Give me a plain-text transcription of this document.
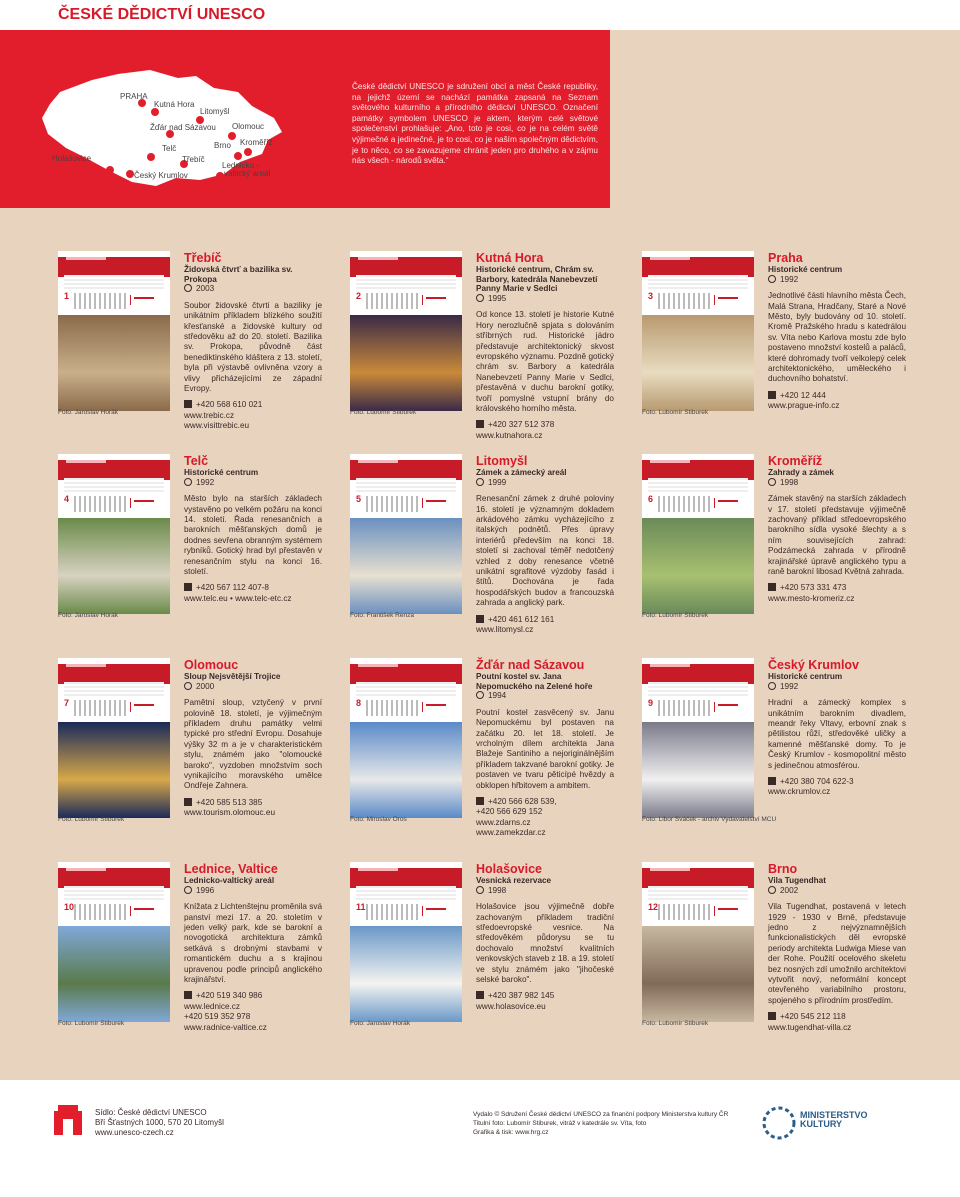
ČESKÉ DĚDICTVÍ UNESCO
PRAHA
Kutná Hora
Litomyšl
Žďár nad Sázavou Olomouc
Telč	Brno Kroměříž
Holašovice	Třebíč
Lednicko -
valtický areál
Český Krumlov
České dědictví UNESCO je sdružení obcí a měst České republiky, na jejichž území se nachází památka zapsaná na Seznam světového kulturního a přírodního dědictví UNESCO. Označení památky symbolem UNESCO je aktem, kterým celé světové společenství prohlašuje: „Ano, toto je cosi, co je na celém světě výjimečné a jedinečné, je to cosi, co je naším společným dědictvím, je to něco, co se zavazujeme chránit jeden pro druhého a v zájmu nás všech - národů světa.“
1
Foto: Jaroslav Horák
Třebíč
Židovská čtvrť a bazilika sv. Prokopa
2003
Soubor židovské čtvrti a baziliky je unikátním příkladem blízkého soužití křesťanské a židovské kultury od středověku až do 20. století. Bazilika sv. Prokopa, původně část benediktinského kláštera z 13. století, byla při výstavbě ovlivněna vzory a vlivy přicházejícími ze západní Evropy.
+420 568 610 021
www.trebic.cz
www.visittrebic.eu
2
Foto: Lubomír Stiburek
Kutná Hora
Historické centrum, Chrám sv. Barbory, katedrála Nanebevzetí Panny Marie v Sedlci
1995
Od konce 13. století je historie Kutné Hory nerozlučně spjata s dolováním stříbrných rud. Historické jádro představuje architektonický skvost evropského významu. Pozdně gotický chrám sv. Barbory a katedrála Nanebevzetí Panny Marie v Sedlci, přestavěná v duchu barokní gotiky, tvoří pomyslné vstupní brány do královského horního města.
+420 327 512 378
www.kutnahora.cz
3
Foto: Lubomír Stiburek
Praha
Historické centrum
1992
Jednotlivé části hlavního města Čech, Malá Strana, Hradčany, Staré a Nové Město, byly budovány od 10. století. Kromě Pražského hradu s katedrálou sv. Víta nebo Karlova mostu zde bylo postaveno množství kostelů a paláců, které dohromady tvoří velkolepý celek architektonického, uměleckého i duchovního bohatství.
+420 12 444
www.prague-info.cz
4
Foto: Jaroslav Horák
Telč
Historické centrum
1992
Město bylo na starších základech vystavěno po velkém požáru na konci 14. století. Řada renesančních a barokních měšťanských domů je dodnes sevřena obranným systémem rybníků. Gotický hrad byl přestavěn v renesančním stylu na konci 16. století.
+420 567 112 407-8
www.telc.eu • www.telc-etc.cz
5
Foto: František Renza
Litomyšl
Zámek a zámecký areál
1999
Renesanční zámek z druhé poloviny 16. století je významným dokladem arkádového zámku vycházejícího z italských podnětů. Přes úpravy interiérů především na konci 18. století si zachoval téměř nedotčený vzhled z doby renesance včetně unikátní sgrafitové výzdoby fasád i štítů. Dochována je řada hospodářských budov a francouzská zahrada a anglický park.
+420 461 612 161
www.litomysl.cz
6
Foto: Lubomír Stiburek
Kroměříž
Zahrady a zámek
1998
Zámek stavěný na starších základech v 17. století představuje výjimečně zachovaný příklad středoevropského barokního sídla vysoké šlechty a s ním souvisejících zahrad: Podzámecká zahrada v přírodně krajinářské úpravě anglického typu a raně barokní libosad Květná zahrada.
+420 573 331 473
www.mesto-kromeriz.cz
7
Foto: Lubomír Stiburek
Olomouc
Sloup Nejsvětější Trojice
2000
Pamětní sloup, vztyčený v první polovině 18. století, je výjimečným příkladem druhu památky velmi typické pro střední Evropu. Dosahuje výšky 32 m a je v charakteristickém stylu, známém jako "olomoucké baroko", vyzdoben množstvím soch vynikajícího moravského umělce Ondřeje Zahnera.
+420 585 513 385
www.tourism.olomouc.eu
8
Foto: Miroslav Oros
Žďár nad Sázavou
Poutní kostel sv. Jana Nepomuckého na Zelené hoře
1994
Poutní kostel zasvěcený sv. Janu Nepomuckému byl postaven na začátku 20. let 18. století. Je vrcholným dílem architekta Jana Blažeje Santiniho a nejoriginálnějším příkladem takzvané barokní gotiky. Je postaven ve tvaru pěticípé hvězdy a obklopen hřbitovem a ambitem.
+420 566 628 539,
+420 566 629 152
www.zdarns.cz
www.zamekzdar.cz
9
Foto: Libor Sváček - archiv Vydavatelství MCU
Český Krumlov
Historické centrum
1992
Hradní a zámecký komplex s unikátním barokním divadlem, meandr řeky Vltavy, erbovní znak s pětilistou růží, středověké uličky a kamenné měšťanské domy. To je Český Krumlov - kosmopolitní město s jedinečnou atmosférou.
+420 380 704 622-3
www.ckrumlov.cz
10
Foto: Lubomír Stiburek
Lednice, Valtice
Lednicko-valtický areál
1996
Knížata z Lichtenštejnu proměnila svá panství mezi 17. a 20. stoletím v jeden velký park, kde se barokní a novogotická architektura zámků setkává s drobnými stavbami v romantickém duchu a s krajinou upravenou podle principů anglického krajinářství.
+420 519 340 986
www.lednice.cz
+420 519 352 978
www.radnice-valtice.cz
11
Foto: Jaroslav Horák
Holašovice
Vesnická rezervace
1998
Holašovice jsou výjimečně dobře zachovaným příkladem tradiční středoevropské vesnice. Na středověkém půdorysu se tu dochovalo množství kvalitních venkovských staveb z 18. a 19. století ve stylu známém jako "jihočeské selské baroko".
+420 387 982 145
www.holasovice.eu
12
Foto: Lubomír Stiburek
Brno
Vila Tugendhat
2002
Vila Tugendhat, postavená v letech 1929 - 1930 v Brně, představuje jedno z nejvýznamnějších funkcionalistických děl evropské periody architekta Ludwiga Miese van der Rohe. Použití ocelového skeletu bez nosných zdí umožnilo architektovi vytvořit nový, neformální koncept otevřeného variabilního prostoru, spojeného s přírodním prostředím.
+420 545 212 118
www.tugendhat-villa.cz
Sídlo: České dědictví UNESCO
Bří Šťastných 1000, 570 20 Litomyšl
www.unesco-czech.cz
Vydalo © Sdružení České dědictví UNESCO za finanční podpory Ministerstva kultury ČR
Titulní foto: Lubomír Stiburek, vitráž v katedrále sv. Víta, foto
Grafika & tisk: www.hrg.cz
MINISTERSTVO
KULTURY
